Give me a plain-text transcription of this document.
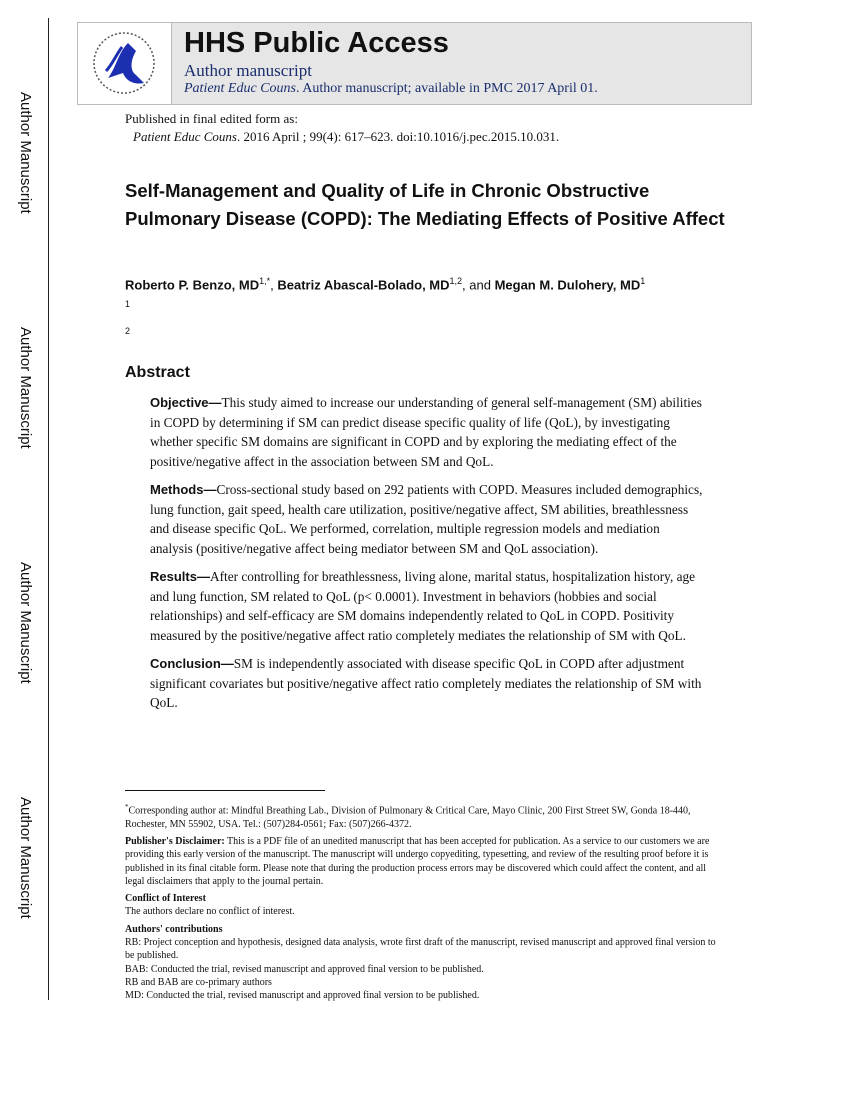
Author Manuscript
Author Manuscript
Author Manuscript
Author Manuscript
HHS Public Access
Author manuscript
Patient Educ Couns. Author manuscript; available in PMC 2017 April 01.
Published in final edited form as:
Patient Educ Couns. 2016 April ; 99(4): 617–623. doi:10.1016/j.pec.2015.10.031.
Self-Management and Quality of Life in Chronic Obstructive Pulmonary Disease (COPD): The Mediating Effects of Positive Affect
Roberto P. Benzo, $MD^{1,*}$, Beatriz Abascal-Bolado, MD$^{1,2}$, and Megan M. Dulohery, $MD^1$
1
2
Abstract

Objective—This study aimed to increase our understanding of general self-management (SM) abilities in COPD by determining if SM can predict disease specific quality of life (QoL), by investigating whether specific SM domains are significant in COPD and by exploring the mediating effect of the positive/negative affect in the association between SM and QoL.

Methods—Cross-sectional study based on 292 patients with COPD. Measures included demographics, lung function, gait speed, health care utilization, positive/negative affect, SM abilities, breathlessness and disease specific QoL. We performed, correlation, multiple regression models and mediation analysis (positive/negative affect being mediator between SM and QoL association).

Results—After controlling for breathlessness, living alone, marital status, hospitalization history, age and lung function, SM related to QoL (p< 0.0001). Investment in behaviors (hobbies and social relationships) and self-efficacy are SM domains independently related to QoL in COPD. Positivity measured by the positive/negative affect ratio completely mediates the relationship of SM with QoL.

Conclusion—SM is independently associated with disease specific QoL in COPD after adjustment significant covariates but positive/negative affect ratio completely mediates the relationship of SM with QoL.

*Corresponding author at: Mindful Breathing Lab., Division of Pulmonary & Critical Care, Mayo Clinic, 200 First Street SW, Gonda 18-440, Rochester, MN 55902, USA. Tel.: (507)284-0561; Fax: (507)266-4372.

Publisher's Disclaimer: This is a PDF file of an unedited manuscript that has been accepted for publication. As a service to our customers we are providing this early version of the manuscript. The manuscript will undergo copyediting, typesetting, and review of the resulting proof before it is published in its final citable form. Please note that during the production process errors may be discovered which could affect the content, and all legal disclaimers that apply to the journal pertain.

Conflict of Interest

The authors declare no conflict of interest.

Authors' contributions
RB: Project conception and hypothesis, designed data analysis, wrote first draft of the manuscript, revised manuscript and approved final version to be published.
BAB: Conducted the trial, revised manuscript and approved final version to be published.
RB and BAB are co-primary authors
MD: Conducted the trial, revised manuscript and approved final version to be published.
